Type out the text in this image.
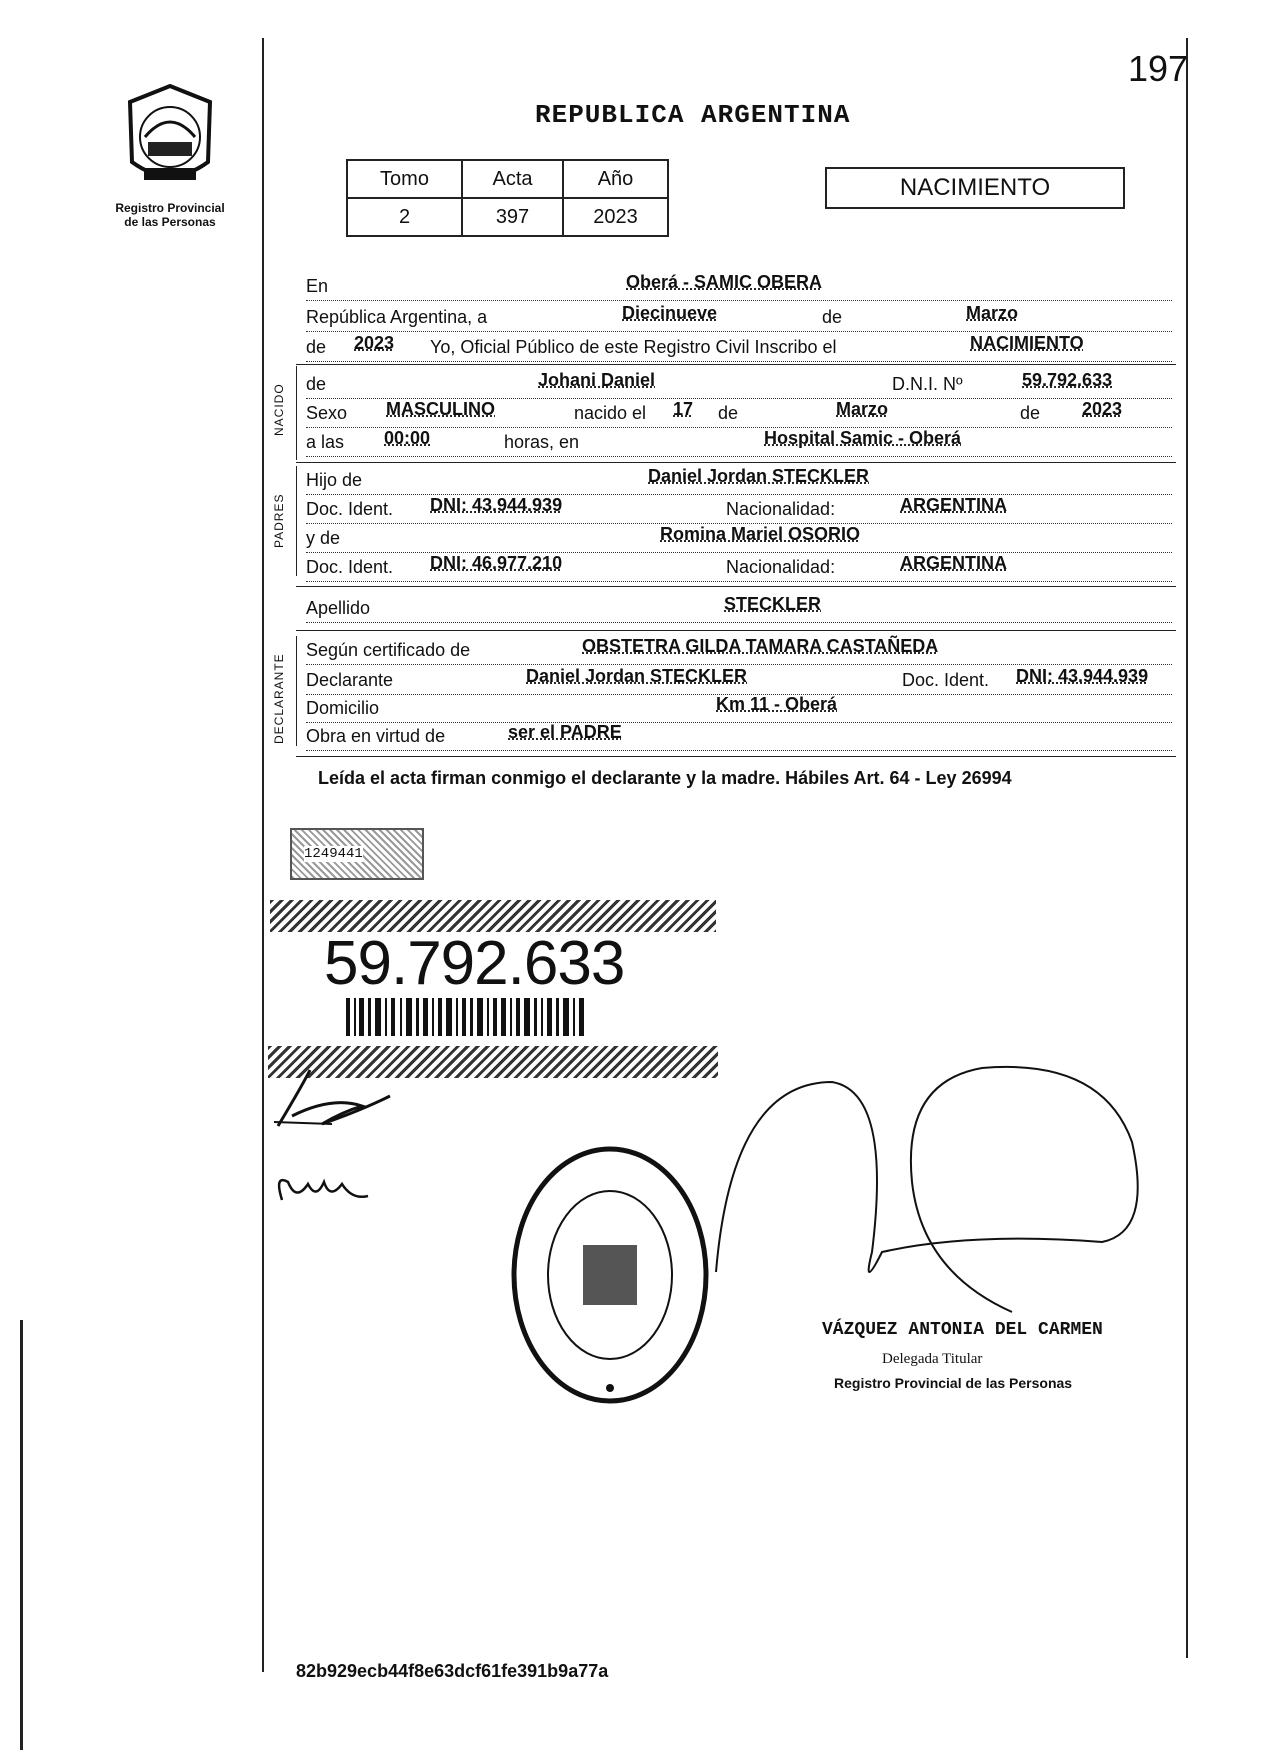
197
Registro Provincial
de las Personas
REPUBLICA ARGENTINA
Tomo	Acta	Año
2	397	2023
NACIMIENTO
En	Oberá - SAMIC OBERA
República Argentina, a	Diecinueve	de	Marzo
de 2023 Yo, Oficial Público de este Registro Civil Inscribo el	NACIMIENTO
NACIDO de	Johani Daniel	D.N.I. Nº	59.792.633
Sexo MASCULINO	nacido el 17 de	Marzo	de 2023
a las 00:00	horas, en	Hospital Samic - Oberá
PADRES
Hijo de	Daniel Jordan STECKLER
Doc. Ident. DNI: 43.944.939	Nacionalidad:	ARGENTINA
y de	Romina Mariel OSORIO
Doc. Ident. DNI: 46.977.210	Nacionalidad:	ARGENTINA
Apellido	STECKLER
DECLARANTE
Según certificado de	OBSTETRA GILDA TAMARA CASTAÑEDA
Declarante	Daniel Jordan STECKLER	Doc. Ident. DNI: 43.944.939
Domicilio	Km 11 - Oberá
Obra en virtud de	ser el PADRE
Leída el acta firman conmigo el declarante y la madre. Hábiles Art. 64 - Ley 26994
1249441
59.792.633
VÁZQUEZ ANTONIA DEL CARMEN
Delegada Titular
Registro Provincial de las Personas
82b929ecb44f8e63dcf61fe391b9a77a
